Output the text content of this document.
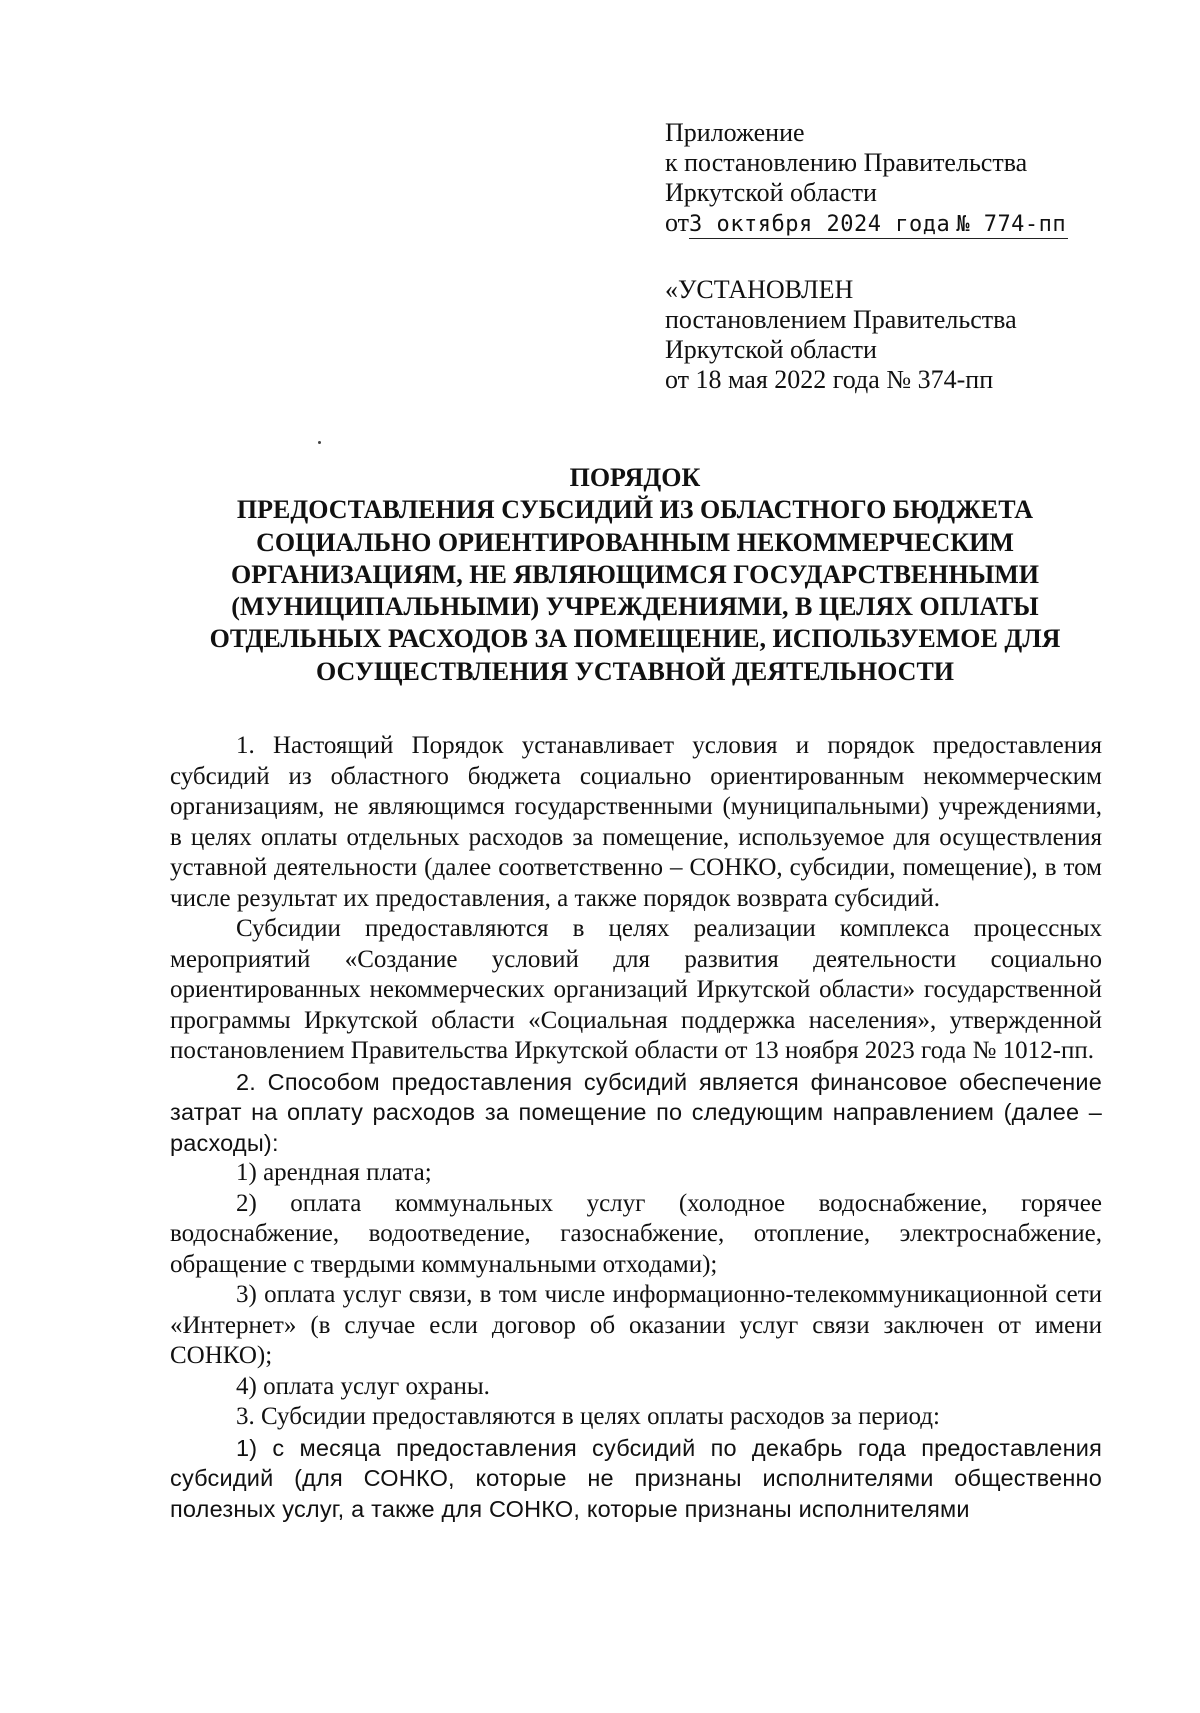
Приложение
к постановлению Правительства
Иркутской области
от3 октября 2024 года № 774-пп
«УСТАНОВЛЕН
постановлением Правительства
Иркутской области
от 18 мая 2022 года № 374-пп
ПОРЯДОК
ПРЕДОСТАВЛЕНИЯ СУБСИДИЙ ИЗ ОБЛАСТНОГО БЮДЖЕТА
СОЦИАЛЬНО ОРИЕНТИРОВАННЫМ НЕКОММЕРЧЕСКИМ
ОРГАНИЗАЦИЯМ, НЕ ЯВЛЯЮЩИМСЯ ГОСУДАРСТВЕННЫМИ
(МУНИЦИПАЛЬНЫМИ) УЧРЕЖДЕНИЯМИ, В ЦЕЛЯХ ОПЛАТЫ
ОТДЕЛЬНЫХ РАСХОДОВ ЗА ПОМЕЩЕНИЕ, ИСПОЛЬЗУЕМОЕ ДЛЯ
ОСУЩЕСТВЛЕНИЯ УСТАВНОЙ ДЕЯТЕЛЬНОСТИ

1. Настоящий Порядок устанавливает условия и порядок предоставления субсидий из областного бюджета социально ориентированным некоммерческим организациям, не являющимся государственными (муниципальными) учреждениями, в целях оплаты отдельных расходов за помещение, используемое для осуществления уставной деятельности (далее соответственно – СОНКО, субсидии, помещение), в том числе результат их предоставления, а также порядок возврата субсидий.

Субсидии предоставляются в целях реализации комплекса процессных мероприятий «Создание условий для развития деятельности социально ориентированных некоммерческих организаций Иркутской области» государственной программы Иркутской области «Социальная поддержка населения», утвержденной постановлением Правительства Иркутской области от 13 ноября 2023 года № 1012-пп.

2. Способом предоставления субсидий является финансовое обеспечение затрат на оплату расходов за помещение по следующим направлением (далее – расходы):

1) арендная плата;

2) оплата коммунальных услуг (холодное водоснабжение, горячее водоснабжение, водоотведение, газоснабжение, отопление, электроснабжение, обращение с твердыми коммунальными отходами);

3) оплата услуг связи, в том числе информационно-телекоммуникационной сети «Интернет» (в случае если договор об оказании услуг связи заключен от имени СОНКО);

4) оплата услуг охраны.

3. Субсидии предоставляются в целях оплаты расходов за период:

1) с месяца предоставления субсидий по декабрь года предоставления субсидий (для СОНКО, которые не признаны исполнителями общественно полезных услуг, а также для СОНКО, которые признаны исполнителями
